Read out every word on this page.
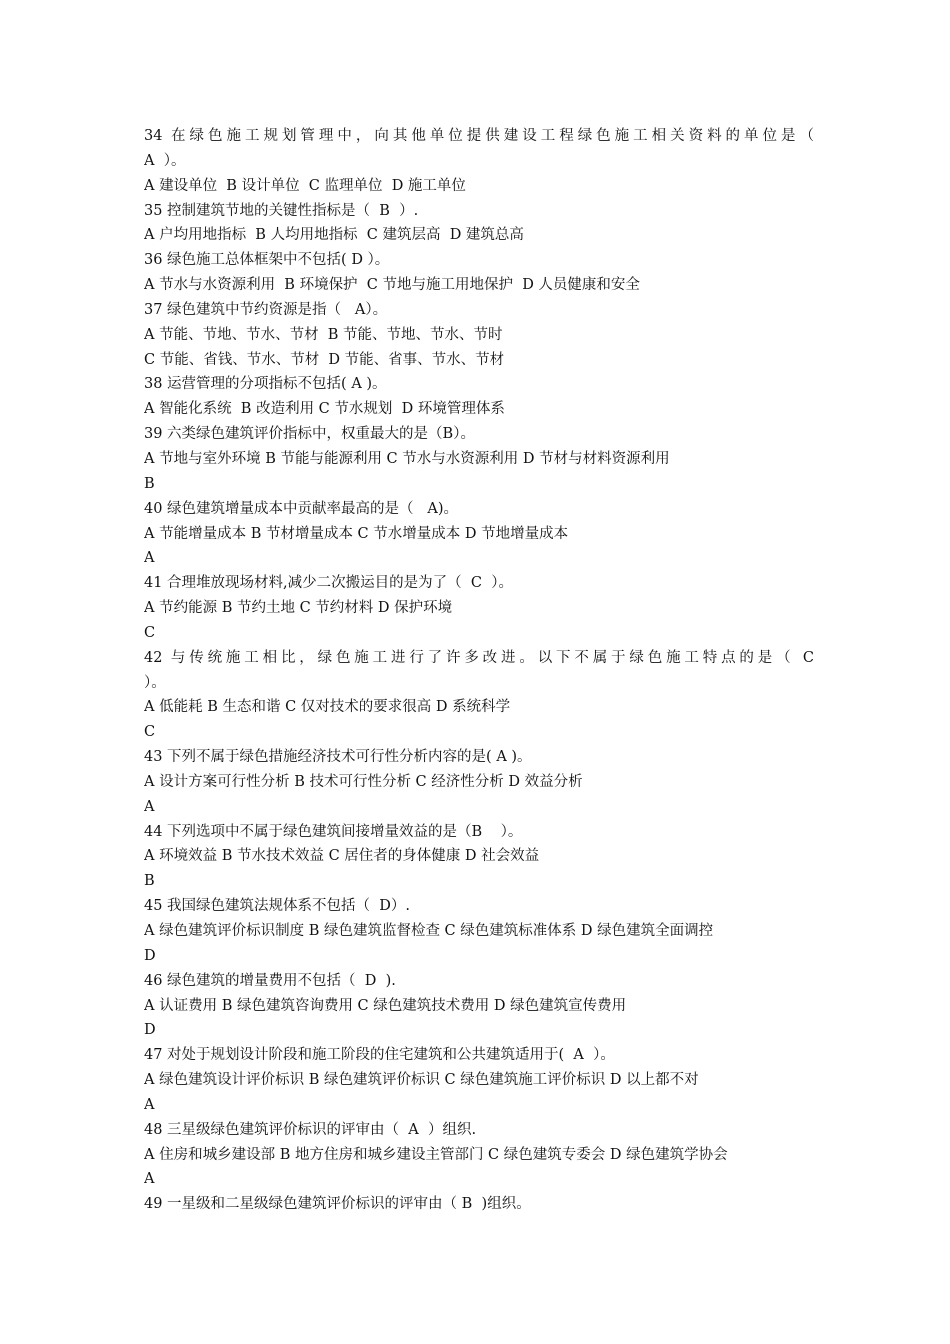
34 在绿色施工规划管理中，向其他单位提供建设工程绿色施工相关资料的单位是（
A  ）。
A 建设单位  B 设计单位  C 监理单位  D 施工单位
35 控制建筑节地的关键性指标是（  B  ）.
A 户均用地指标  B 人均用地指标  C 建筑层高  D 建筑总高
36 绿色施工总体框架中不包括( D ）。
A 节水与水资源利用  B 环境保护  C 节地与施工用地保护  D 人员健康和安全
37 绿色建筑中节约资源是指（   A）。
A 节能、节地、节水、节材  B 节能、节地、节水、节时
C 节能、省钱、节水、节材  D 节能、省事、节水、节材
38 运营管理的分项指标不包括( A )。
A 智能化系统  B 改造利用 C 节水规划  D 环境管理体系
39 六类绿色建筑评价指标中，权重最大的是（B）。
A 节地与室外环境 B 节能与能源利用 C 节水与水资源利用 D 节材与材料资源利用
B
40 绿色建筑增量成本中贡献率最高的是（   A)。
A 节能增量成本 B 节材增量成本 C 节水增量成本 D 节地增量成本
A
41 合理堆放现场材料,减少二次搬运目的是为了（  C  ）。
A 节约能源 B 节约土地 C 节约材料 D 保护环境
C
42 与传统施工相比，绿色施工进行了许多改进。以下不属于绿色施工特点的是（ C
）。
A 低能耗 B 生态和谐 C 仅对技术的要求很高 D 系统科学
C
43 下列不属于绿色措施经济技术可行性分析内容的是( A )。
A 设计方案可行性分析 B 技术可行性分析 C 经济性分析 D 效益分析
A
44 下列选项中不属于绿色建筑间接增量效益的是（B    ）。
A 环境效益 B 节水技术效益 C 居住者的身体健康 D 社会效益
B
45 我国绿色建筑法规体系不包括（  D）.
A 绿色建筑评价标识制度 B 绿色建筑监督检查 C 绿色建筑标准体系 D 绿色建筑全面调控
D
46 绿色建筑的增量费用不包括（  D  ).
A 认证费用 B 绿色建筑咨询费用 C 绿色建筑技术费用 D 绿色建筑宣传费用
D
47 对处于规划设计阶段和施工阶段的住宅建筑和公共建筑适用于(  A  ）。
A 绿色建筑设计评价标识 B 绿色建筑评价标识 C 绿色建筑施工评价标识 D 以上都不对
A
48 三星级绿色建筑评价标识的评审由（  A  ）组织.
A 住房和城乡建设部 B 地方住房和城乡建设主管部门 C 绿色建筑专委会 D 绿色建筑学协会
A
49 一星级和二星级绿色建筑评价标识的评审由（ B  )组织。
